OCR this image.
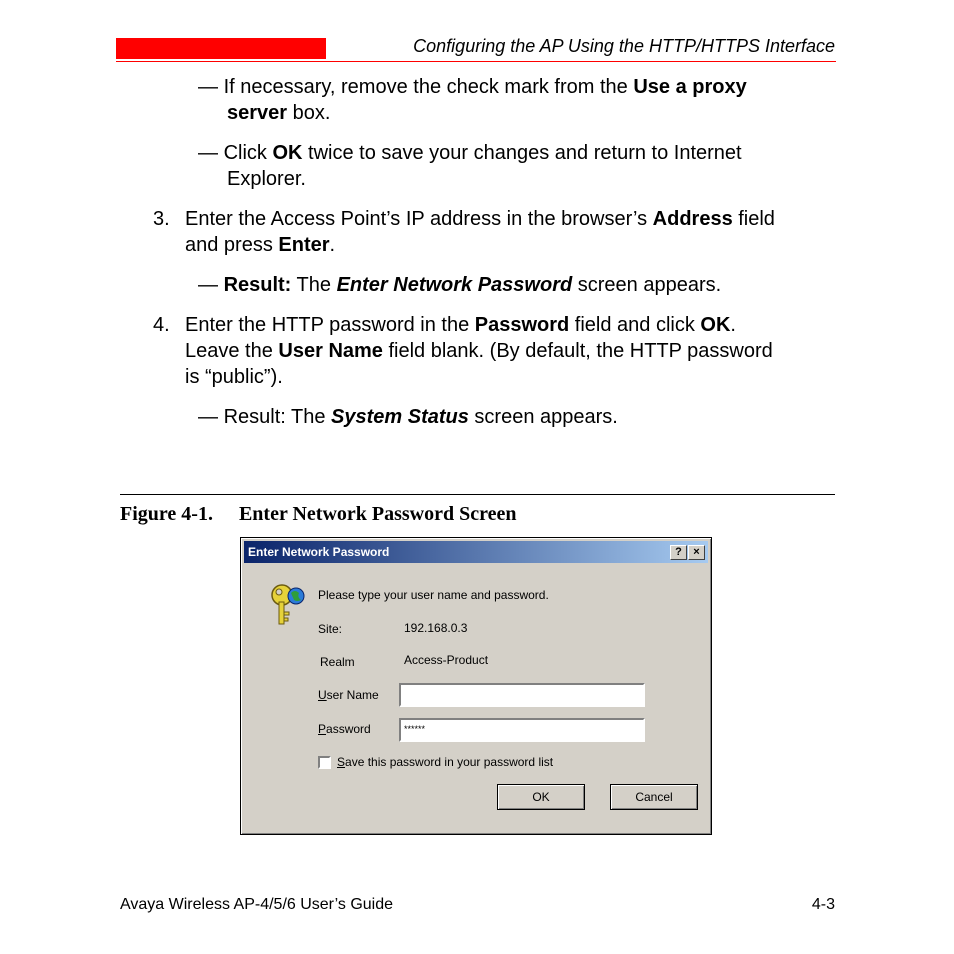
Configuring the AP Using the HTTP/HTTPS Interface
— If necessary, remove the check mark from the Use a proxy
server box.
— Click OK twice to save your changes and return to Internet
Explorer.
3. Enter the Access Point’s IP address in the browser’s Address field
and press Enter.
— Result: The Enter Network Password screen appears.
4. Enter the HTTP password in the Password field and click OK.
Leave the User Name field blank. (By default, the HTTP password
is “public”).
— Result: The System Status screen appears.
Figure 4-1. Enter Network Password Screen
Enter Network Password	?	×
Please type your user name and password.
Site:	192.168.0.3
Realm	Access-Product
User Name
Password	******
Save this password in your password list
OK	Cancel
Avaya Wireless AP-4/5/6 User’s Guide	4-3
